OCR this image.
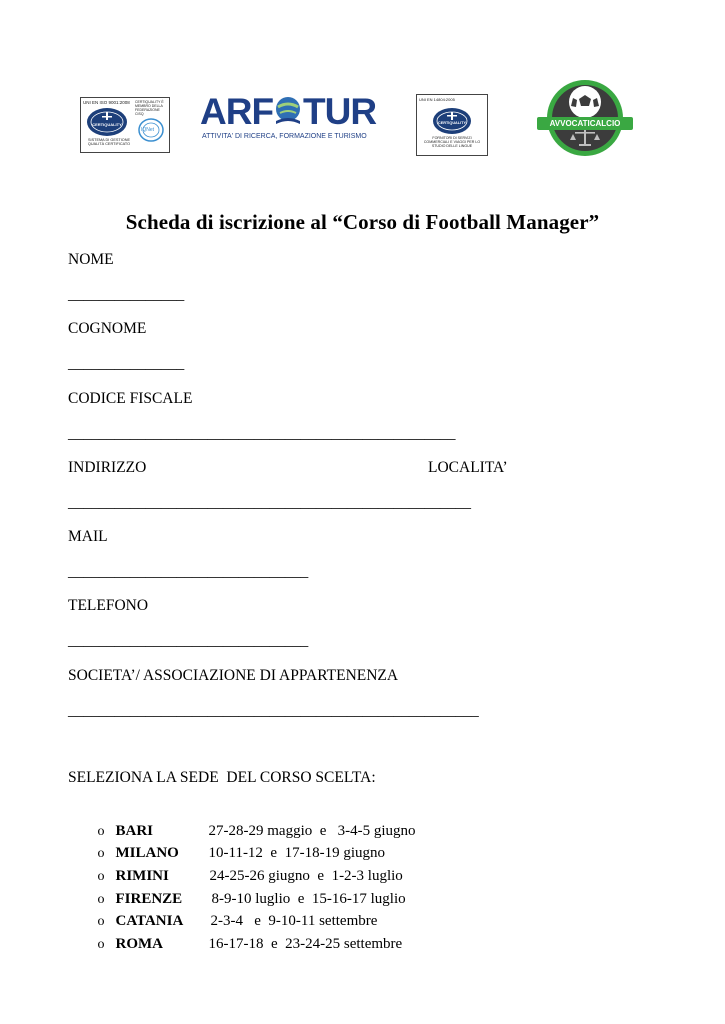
UNI EN ISO 9001:2008	CERTIQUALITY È MEMBRO DELLA FEDERAZIONE CISQ
CERTIQUALITY
IQNet
SISTEMA DI GESTIONE QUALITÀ CERTIFICATO
ARF TUR
ATTIVITA' DI RICERCA, FORMAZIONE E TURISMO
UNI EN 14804:2005
CERTIQUALITY
FORNITORI DI SERVIZI COMMERCIALI E VIAGGI PER LO STUDIO DELLE LINGUE
AVVOCATICALCIO
Scheda di iscrizione al “Corso di Football Manager”
NOME
_______________
COGNOME
_______________
CODICE FISCALE
__________________________________________________
INDIRIZZO	LOCALITA’
____________________________________________________
MAIL
_______________________________
TELEFONO
_______________________________
SOCIETA’/ ASSOCIAZIONE DI APPARTENENZA
_____________________________________________________
SELEZIONA LA SEDE  DEL CORSO SCELTA:

o BARI	27-28-29 maggio  e   3-4-5 giugno

o MILANO 10-11-12  e  17-18-19 giugno

o RIMINI	24-25-26 giugno  e  1-2-3 luglio

o FIRENZE 8-9-10 luglio  e  15-16-17 luglio

o CATANIA 2-3-4   e  9-10-11 settembre

o ROMA	16-17-18  e  23-24-25 settembre
